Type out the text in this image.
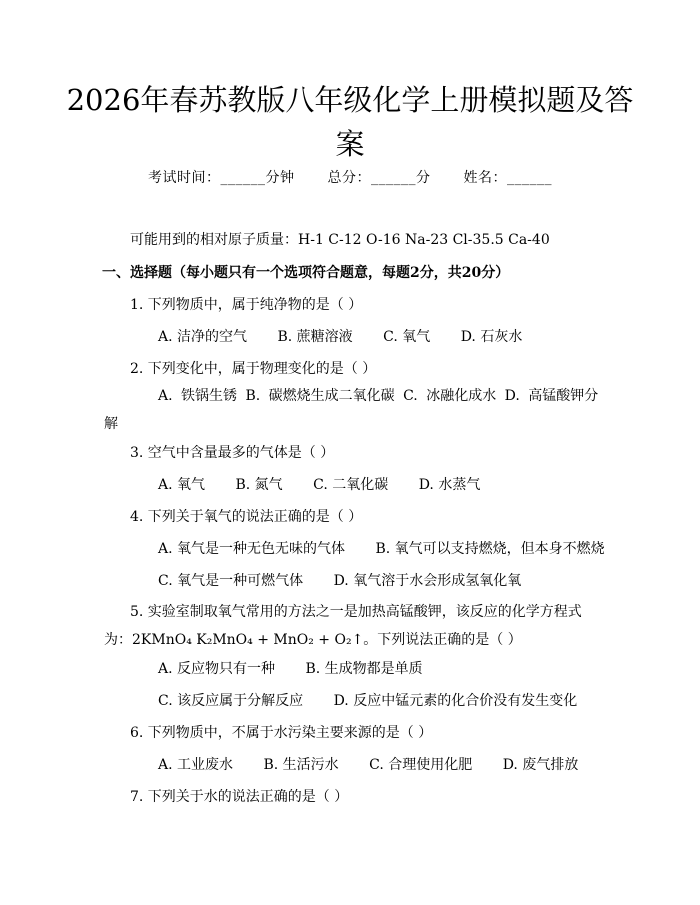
2026年春苏教版八年级化学上册模拟题及答案
考试时间：______分钟 总分：______分 姓名：______
可能用到的相对原子质量：H-1 C-12 O-16 Na-23 Cl-35.5 Ca-40
一、选择题（每小题只有一个选项符合题意，每题2分，共20分）
1. 下列物质中，属于纯净物的是（ ）
A. 洁净的空气 B. 蔗糖溶液 C. 氧气 D. 石灰水
2. 下列变化中，属于物理变化的是（ ）
A. 铁锅生锈 B. 碳燃烧生成二氧化碳 C. 冰融化成水 D. 高锰酸钾分解
3. 空气中含量最多的气体是（ ）
A. 氧气 B. 氮气 C. 二氧化碳 D. 水蒸气
4. 下列关于氧气的说法正确的是（ ）
A. 氧气是一种无色无味的气体 B. 氧气可以支持燃烧，但本身不燃烧
C. 氧气是一种可燃气体 D. 氧气溶于水会形成氢氧化氧
5. 实验室制取氧气常用的方法之一是加热高锰酸钾，该反应的化学方程式为：2KMnO₄ K₂MnO₄ + MnO₂ + O₂↑。下列说法正确的是（ ）
A. 反应物只有一种 B. 生成物都是单质
C. 该反应属于分解反应 D. 反应中锰元素的化合价没有发生变化
6. 下列物质中，不属于水污染主要来源的是（ ）
A. 工业废水 B. 生活污水 C. 合理使用化肥 D. 废气排放
7. 下列关于水的说法正确的是（ ）
